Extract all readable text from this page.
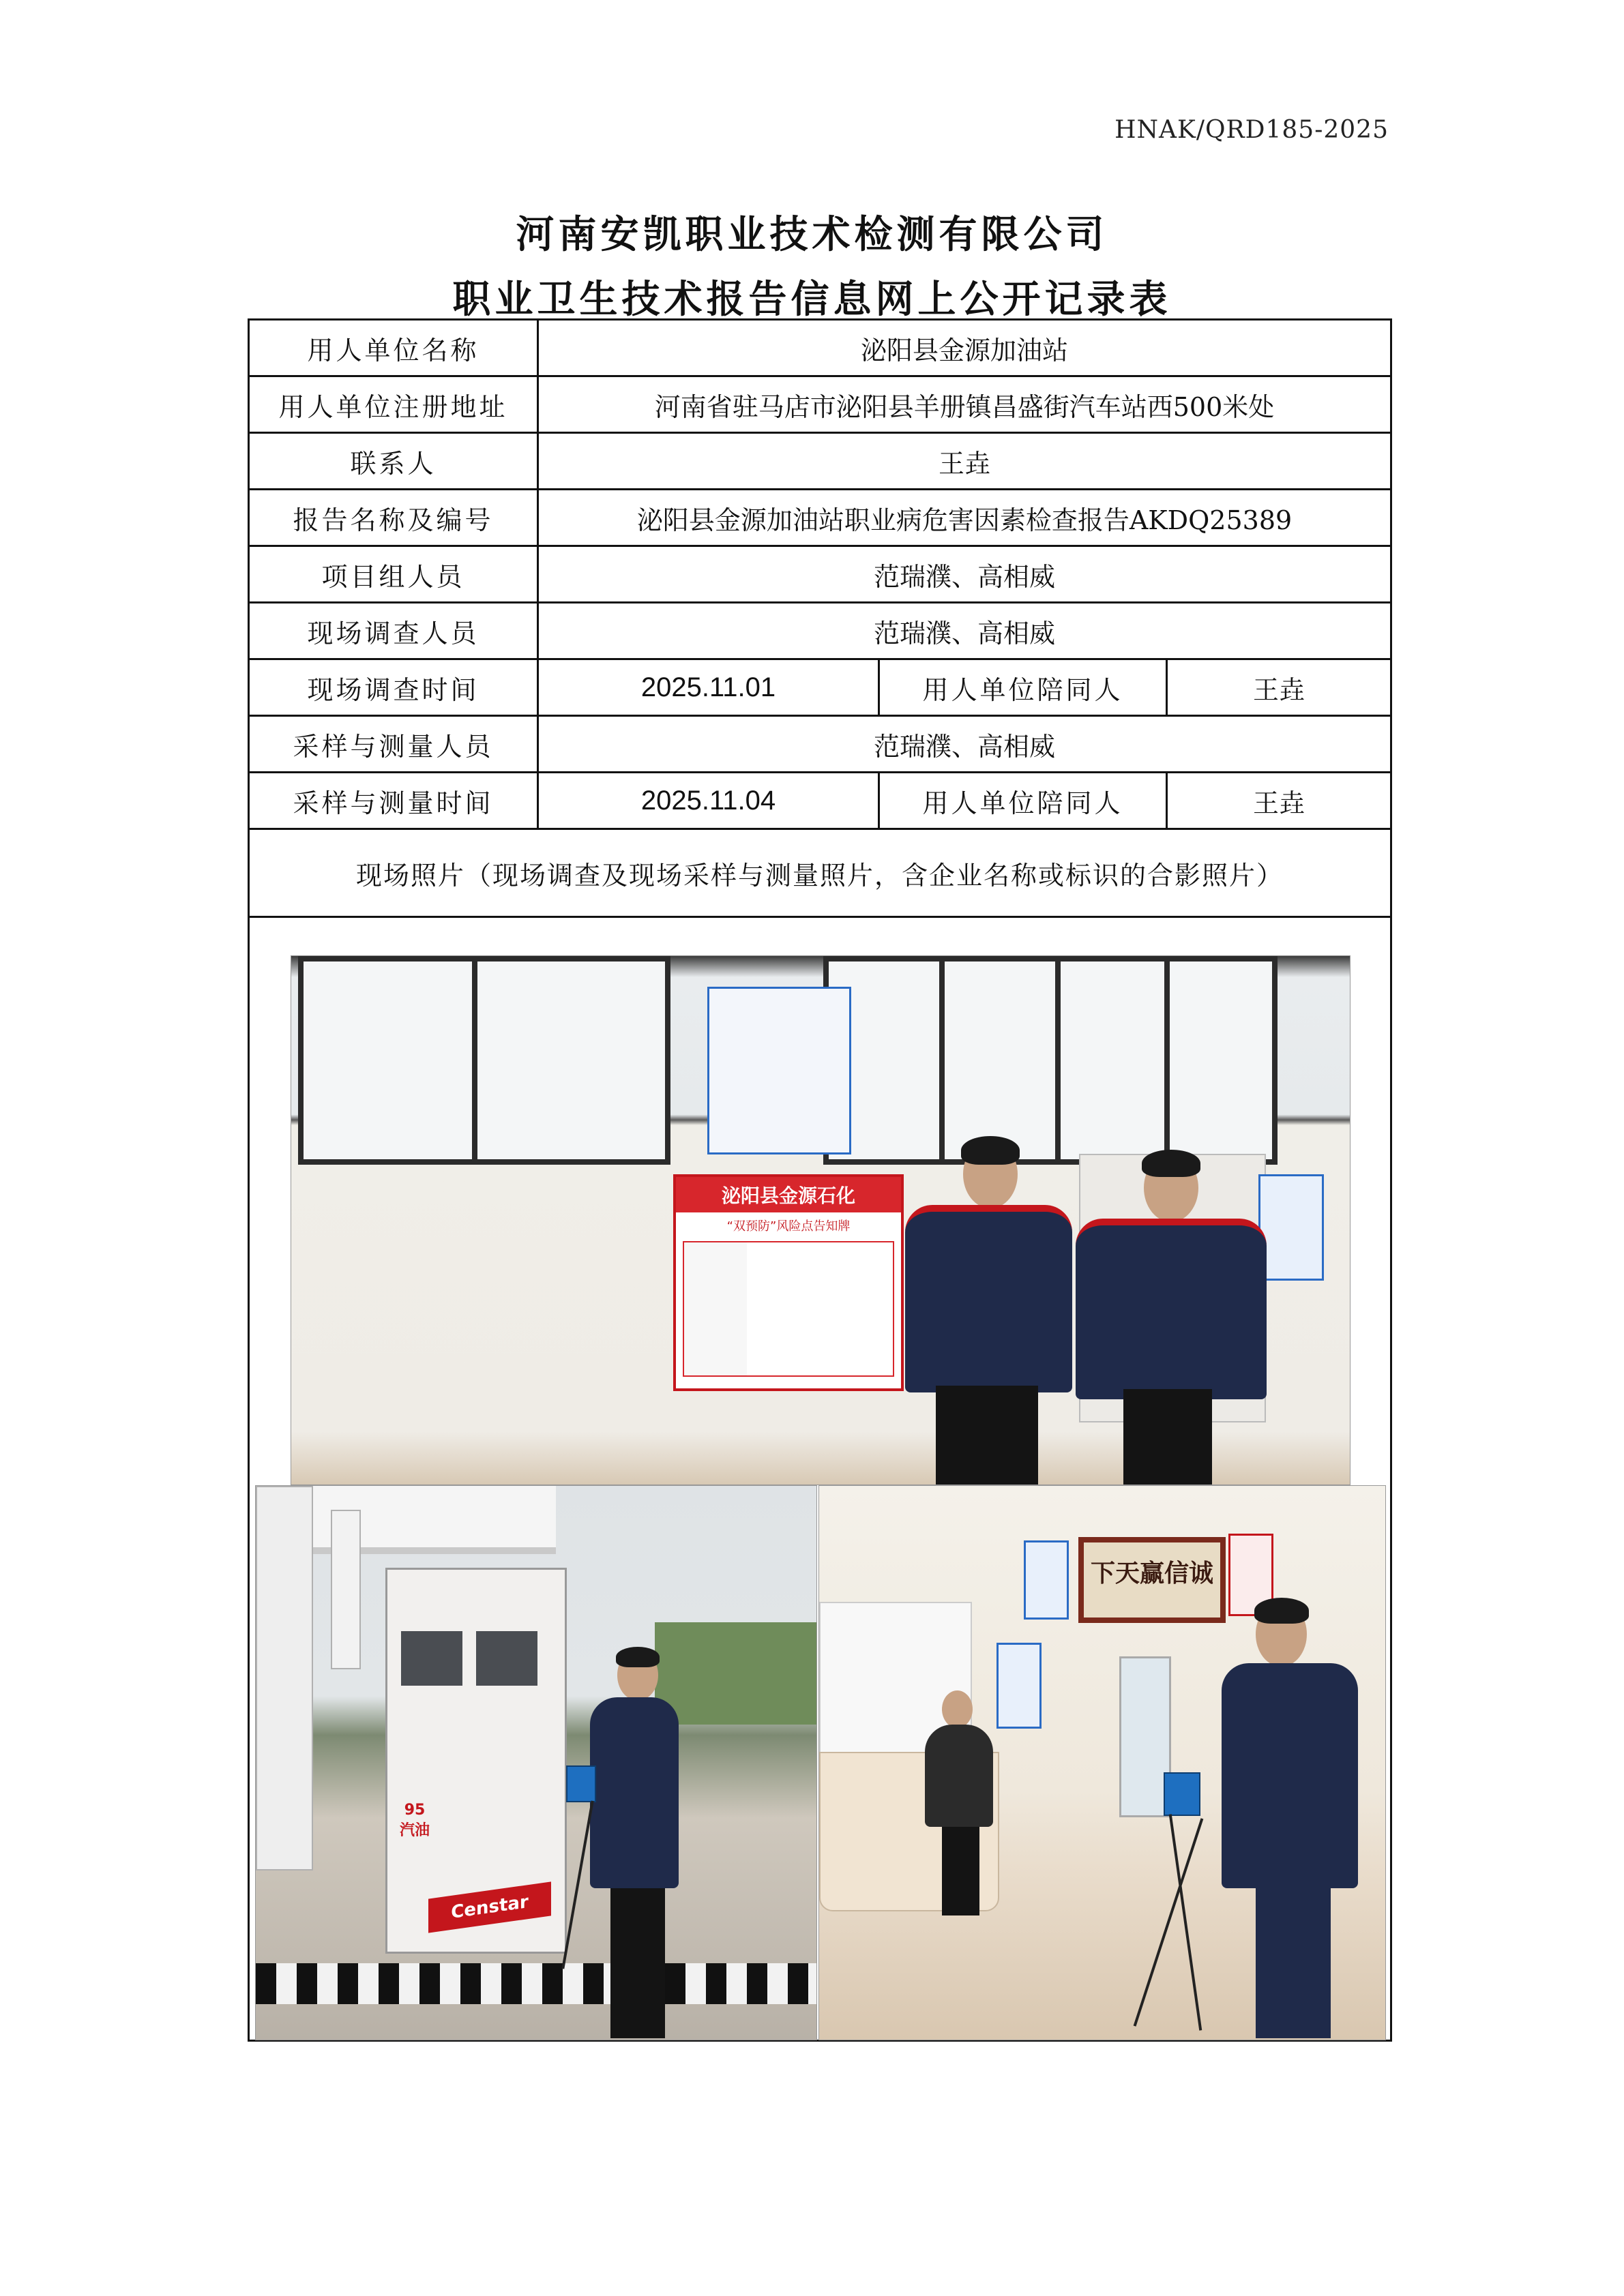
HNAK/QRD185-2025
河南安凯职业技术检测有限公司
职业卫生技术报告信息网上公开记录表
用人单位名称	泌阳县金源加油站		
用人单位注册地址	河南省驻马店市泌阳县羊册镇昌盛街汽车站西500米处		
联系人	王垚		
报告名称及编号	泌阳县金源加油站职业病危害因素检查报告AKDQ25389		
项目组人员	范瑞濮、高相威		
现场调查人员	范瑞濮、高相威		
现场调查时间	2025.11.01	用人单位陪同人	王垚
采样与测量人员	范瑞濮、高相威		
采样与测量时间	2025.11.04	用人单位陪同人	王垚
现场照片（现场调查及现场采样与测量照片，含企业名称或标识的合影照片）			

泌阳县金源石化
“双预防”风险点告知牌
95 汽油
Censtar
下天赢信诚			
